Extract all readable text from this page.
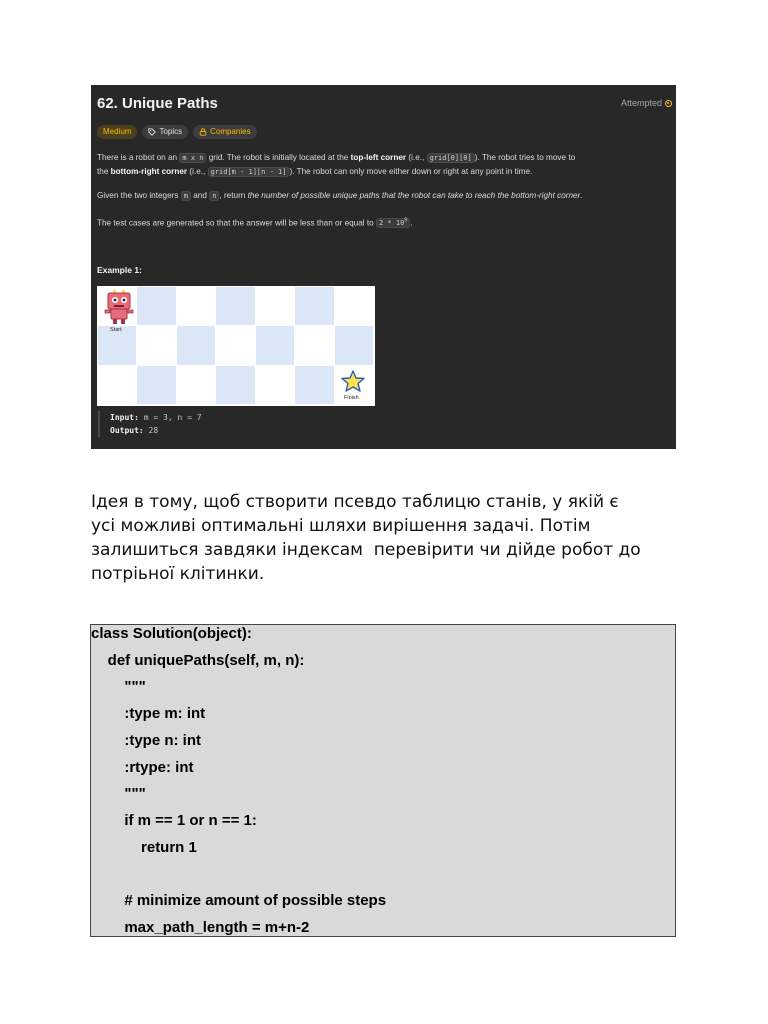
62. Unique Paths	Attempted
Medium	Topics	Companies
There is a robot on an m x n grid. The robot is initially located at the top-left corner (i.e., grid[0][0] ). The robot tries to move to
the bottom-right corner (i.e., grid[m - 1][n - 1] ). The robot can only move either down or right at any point in time.
Given the two integers m and n , return the number of possible unique paths that the robot can take to reach the bottom-right corner.
The test cases are generated so that the answer will be less than or equal to $2 * 10^9$ .
Example 1:
Start
Finish
Input: m = 3, n = 7
Output: 28
Ідея в тому, щоб створити псевдо таблицю станів, у якій є
усі можливі оптимальні шляхи вирішення задачі. Потім
залишиться завдяки індексам  перевірити чи дійде робот до
потріьної клітинки.
class Solution(object):
def uniquePaths(self, m, n):
"""
:type m: int
:type n: int
:rtype: int
"""
if m == 1 or n == 1:
return 1
# minimize amount of possible steps
max_path_length = m+n-2
